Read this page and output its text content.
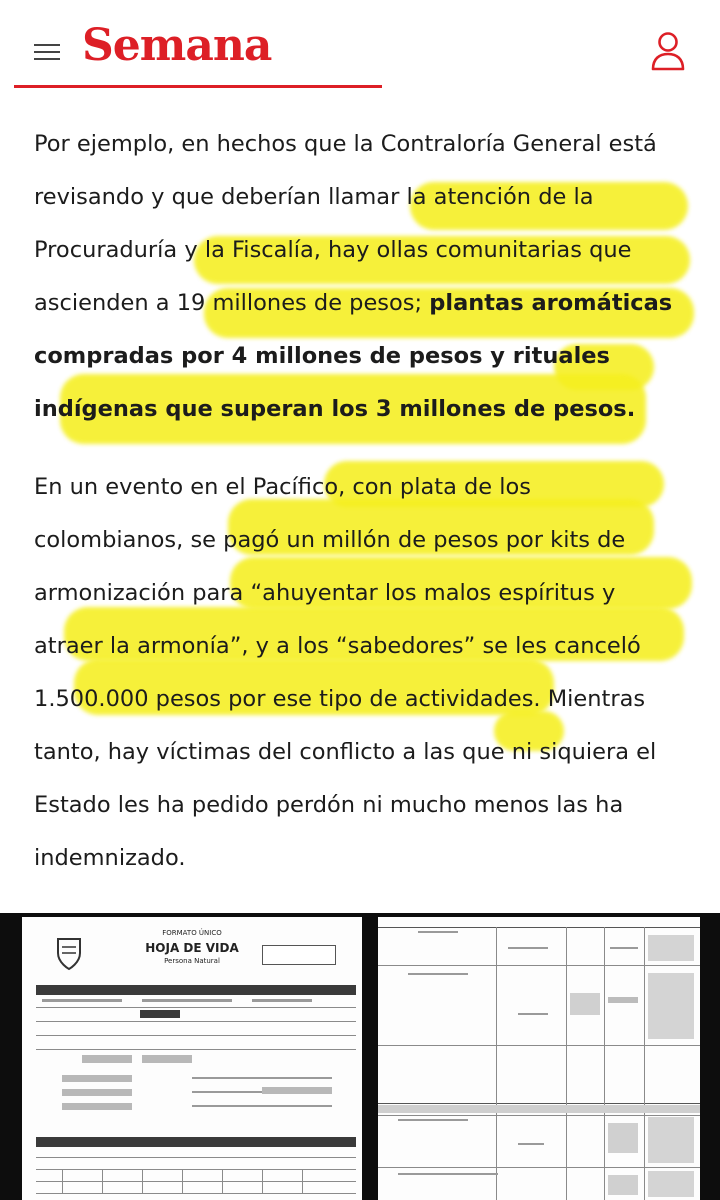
Semana

Por ejemplo, en hechos que la Contraloría General está revisando y que deberían llamar la atención de la Procuraduría y la Fiscalía, hay ollas comunitarias que ascienden a 19 millones de pesos; plantas aromáticas compradas por 4 millones de pesos y rituales indígenas que superan los 3 millones de pesos.

En un evento en el Pacífico, con plata de los colombianos, se pagó un millón de pesos por kits de armonización para “ahuyentar los malos espíritus y atraer la armonía”, y a los “sabedores” se les canceló 1.500.000 pesos por ese tipo de actividades. Mientras tanto, hay víctimas del conflicto a las que ni siquiera el Estado les ha pedido perdón ni mucho menos las ha indemnizado.

FORMATO ÚNICO
HOJA DE VIDA
Persona Natural
